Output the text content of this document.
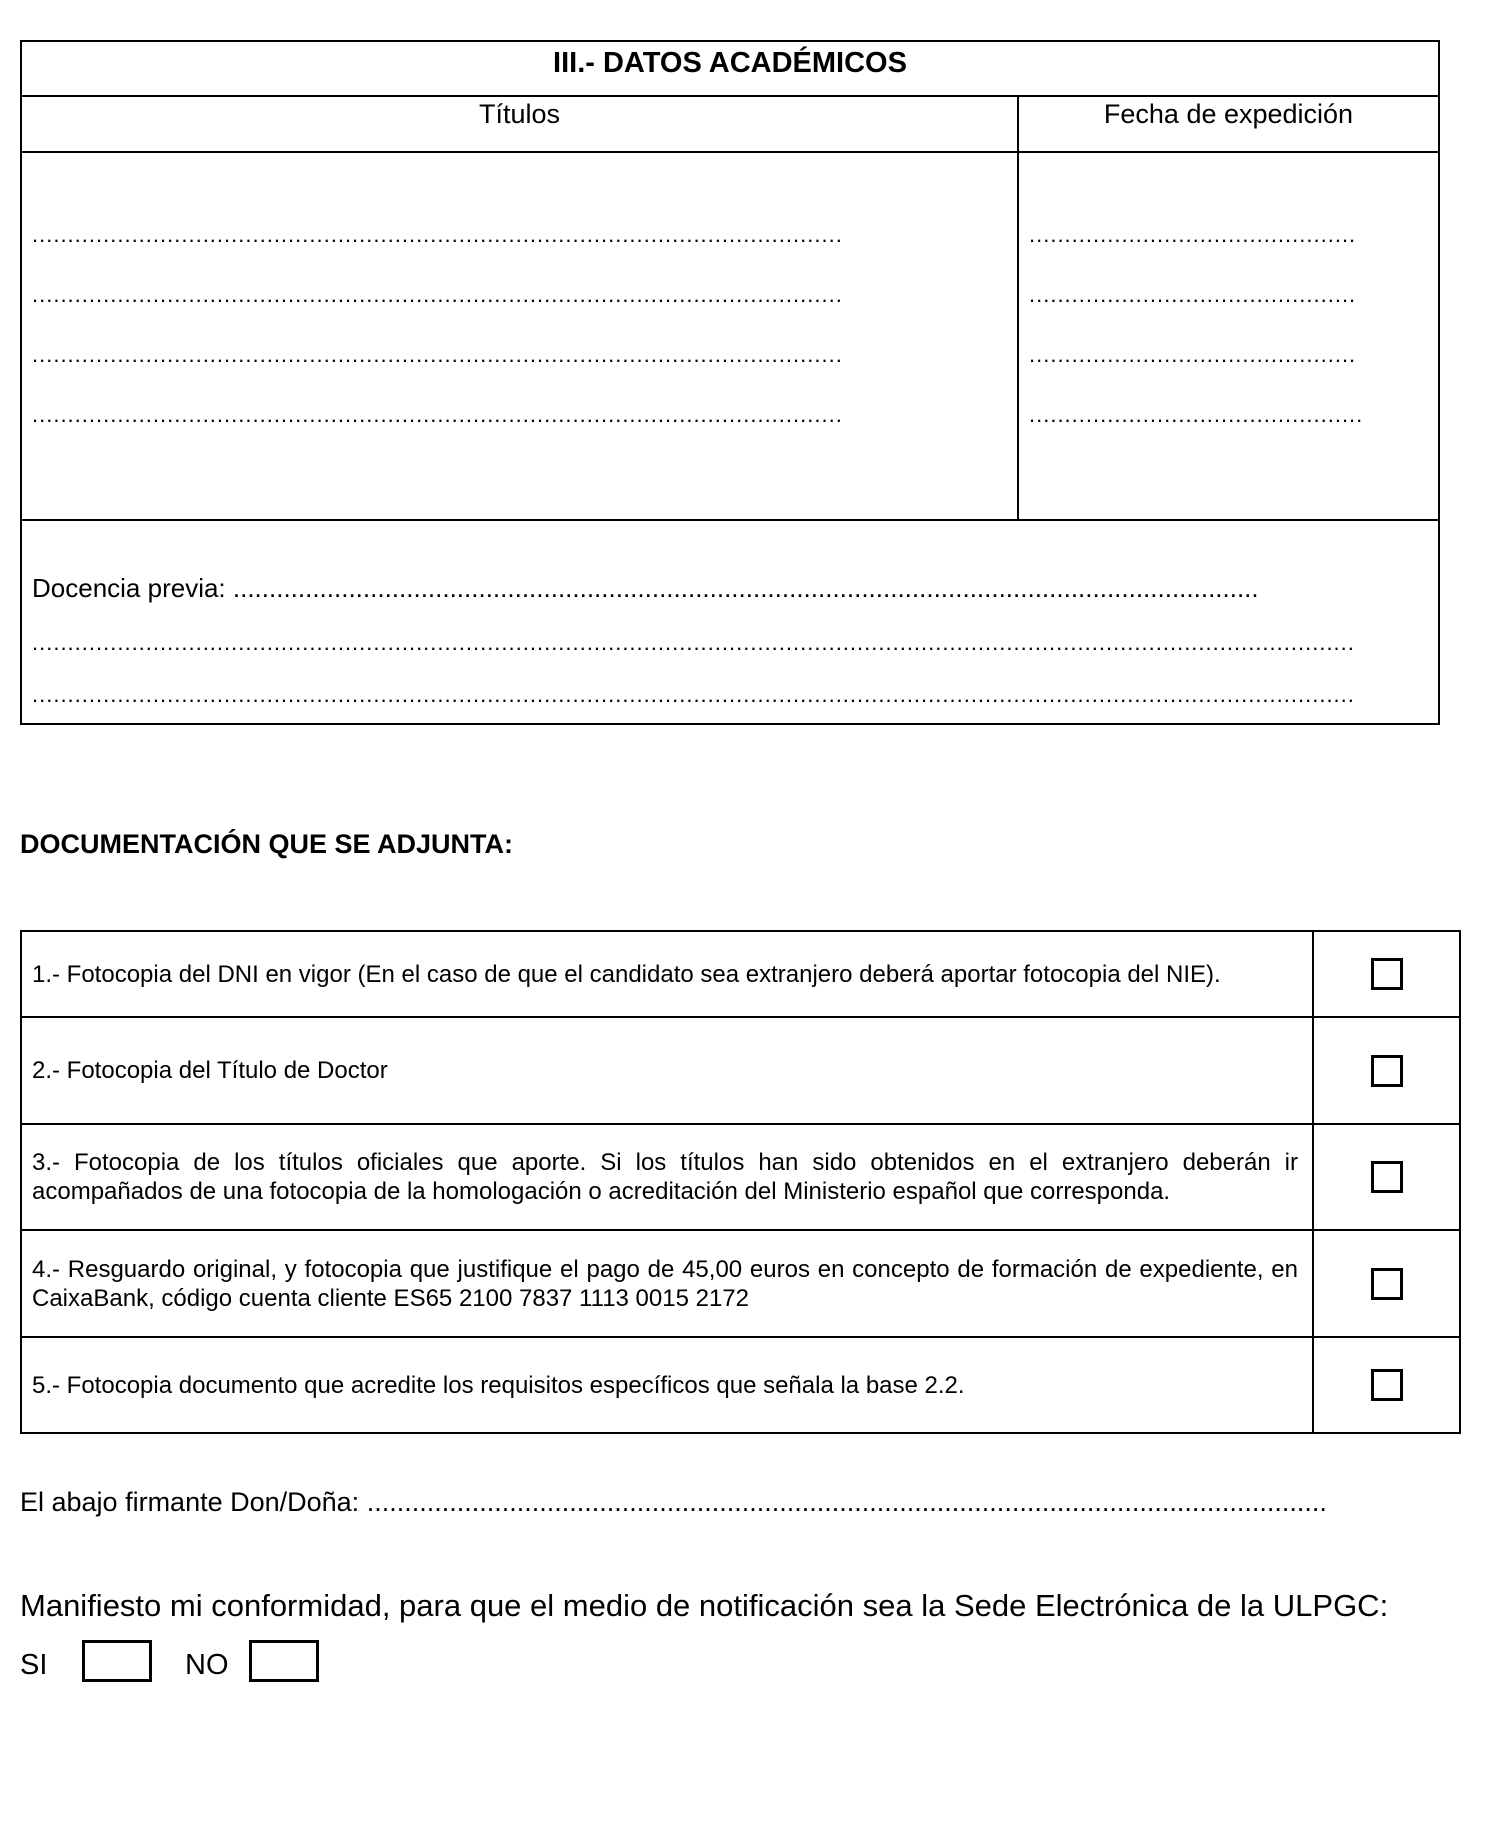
III.- DATOS ACADÉMICOS
Títulos	Fecha de expedición
..................................................................................................................
..................................................................................................................
..................................................................................................................
..................................................................................................................
..............................................
..............................................
..............................................
...............................................
Docencia previa: ..............................................................................................................................................
..........................................................................................................................................................................................
..........................................................................................................................................................................................
DOCUMENTACIÓN QUE SE ADJUNTA:
1.- Fotocopia del DNI en vigor (En el caso de que el candidato sea extranjero deberá aportar fotocopia del NIE).
2.- Fotocopia del Título de Doctor
3.- Fotocopia de los títulos oficiales que aporte. Si los títulos han sido obtenidos en el extranjero deberán ir acompañados de una fotocopia de la homologación o acreditación del Ministerio español que corresponda.
4.- Resguardo original, y fotocopia que justifique el pago de 45,00 euros en concepto de formación de expediente, en CaixaBank, código cuenta cliente ES65 2100 7837 1113 0015 2172
5.- Fotocopia documento que acredite los requisitos específicos que señala la base 2.2.
El abajo firmante Don/Doña: ................................................................................................................................
Manifiesto mi conformidad, para que el medio de notificación sea la Sede Electrónica de la ULPGC:
SI	NO
